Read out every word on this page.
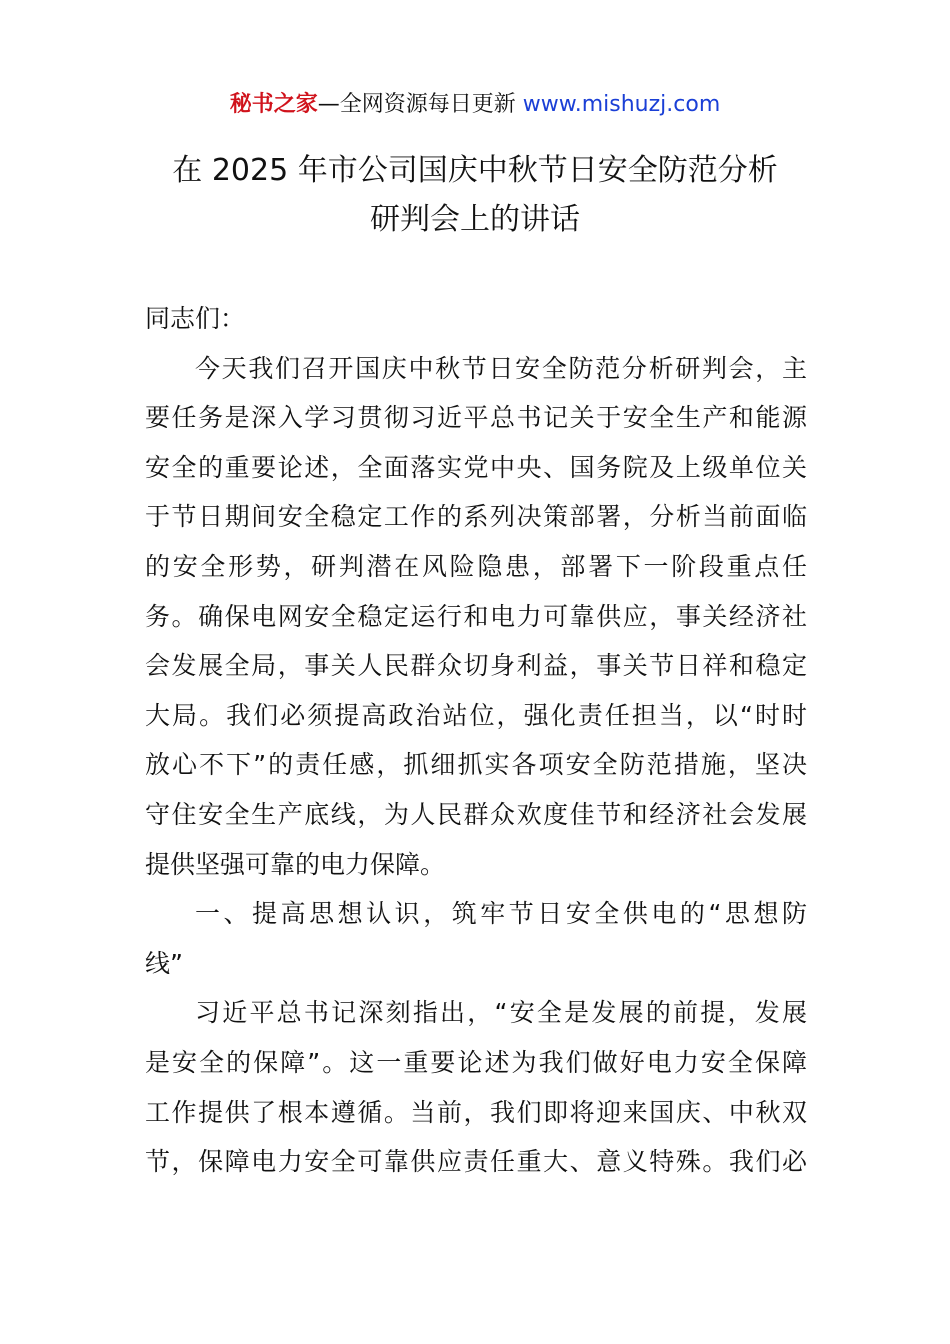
秘书之家—全网资源每日更新 www.mishuzj.com
在 2025 年市公司国庆中秋节日安全防范分析
研判会上的讲话
同志们：
今天我们召开国庆中秋节日安全防范分析研判会，主
要任务是深入学习贯彻习近平总书记关于安全生产和能源
安全的重要论述，全面落实党中央、国务院及上级单位关
于节日期间安全稳定工作的系列决策部署，分析当前面临
的安全形势，研判潜在风险隐患，部署下一阶段重点任
务。确保电网安全稳定运行和电力可靠供应，事关经济社
会发展全局，事关人民群众切身利益，事关节日祥和稳定
大局。我们必须提高政治站位，强化责任担当，以“时时
放心不下”的责任感，抓细抓实各项安全防范措施，坚决
守住安全生产底线，为人民群众欢度佳节和经济社会发展
提供坚强可靠的电力保障。
一、提高思想认识，筑牢节日安全供电的“思想防
线”
习近平总书记深刻指出，“安全是发展的前提，发展
是安全的保障”。这一重要论述为我们做好电力安全保障
工作提供了根本遵循。当前，我们即将迎来国庆、中秋双
节，保障电力安全可靠供应责任重大、意义特殊。我们必
